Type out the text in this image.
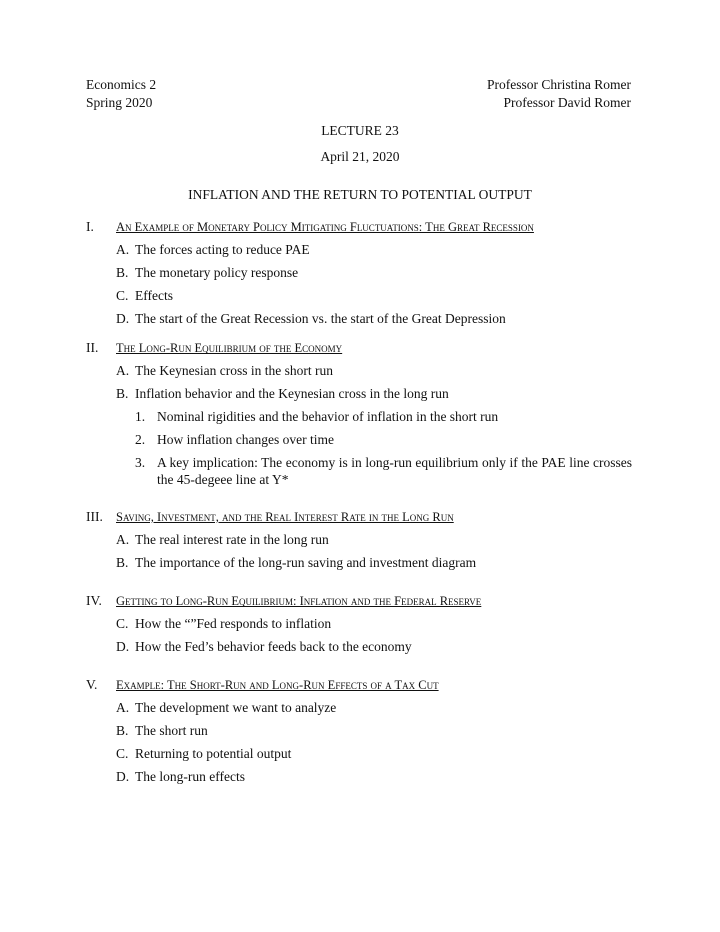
Economics 2
Spring 2020
Professor Christina Romer
Professor David Romer
LECTURE 23
April 21, 2020
INFLATION AND THE RETURN TO POTENTIAL OUTPUT
I. An Example of Monetary Policy Mitigating Fluctuations: The Great Recession
A. The forces acting to reduce PAE
B. The monetary policy response
C. Effects
D. The start of the Great Recession vs. the start of the Great Depression
II. The Long-Run Equilibrium of the Economy
A. The Keynesian cross in the short run
B. Inflation behavior and the Keynesian cross in the long run
1. Nominal rigidities and the behavior of inflation in the short run
2. How inflation changes over time
3. A key implication: The economy is in long-run equilibrium only if the PAE line crosses the 45-degeee line at Y*
III. Saving, Investment, and the Real Interest Rate in the Long Run
A. The real interest rate in the long run
B. The importance of the long-run saving and investment diagram
IV. Getting to Long-Run Equilibrium: Inflation and the Federal Reserve
C. How the “”Fed responds to inflation
D. How the Fed’s behavior feeds back to the economy
V. Example: The Short-Run and Long-Run Effects of a Tax Cut
A. The development we want to analyze
B. The short run
C. Returning to potential output
D. The long-run effects
